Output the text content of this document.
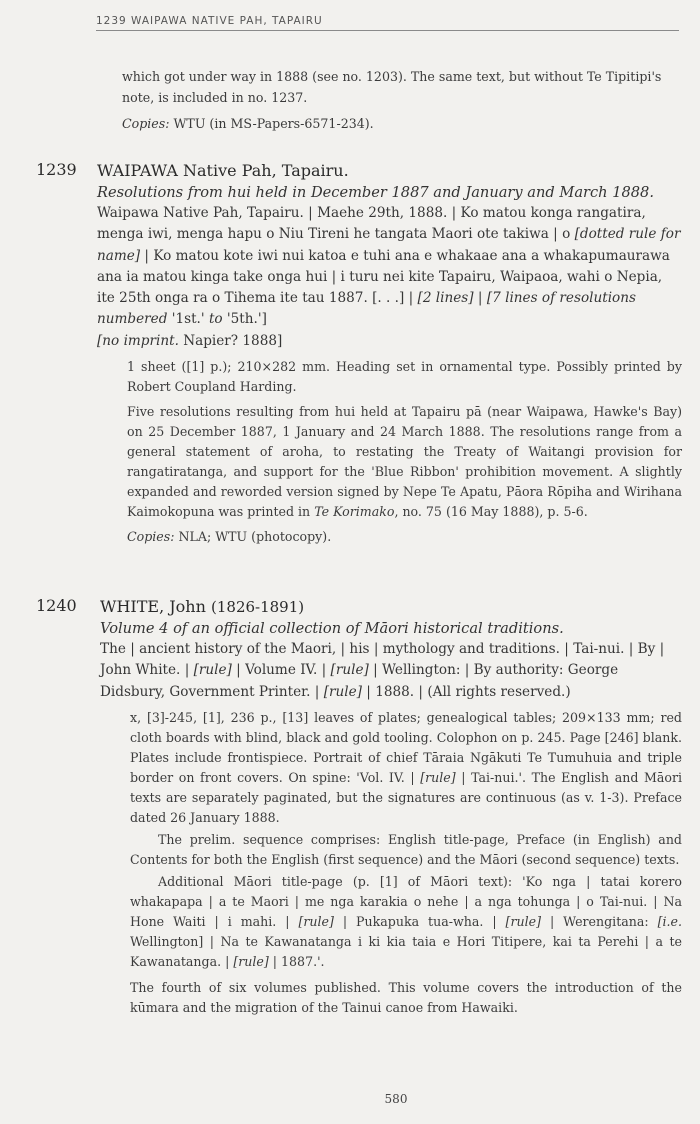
1239 WAIPAWA NATIVE PAH, TAPAIRU

which got under way in 1888 (see no. 1203). The same text, but without Te Tipitipi's note, is included in no. 1237.

Copies: WTU (in MS-Papers-6571-234).

1239 WAIPAWA Native Pah, Tapairu.
Resolutions from hui held in December 1887 and January and March 1888.
Waipawa Native Pah, Tapairu. | Maehe 29th, 1888. | Ko matou konga rangatira, menga iwi, menga hapu o Niu Tireni he tangata Maori ote takiwa | o [dotted rule for name] | Ko matou kote iwi nui katoa e tuhi ana e whakaae ana a whakapumaurawa ana ia matou kinga take onga hui | i turu nei kite Tapairu, Waipaoa, wahi o Nepia, ite 25th onga ra o Tihema ite tau 1887. [. . .] | [2 lines] | [7 lines of resolutions numbered '1st.' to '5th.']
[no imprint. Napier? 1888]

1 sheet ([1] p.); 210×282 mm. Heading set in ornamental type. Possibly printed by Robert Coupland Harding.

Five resolutions resulting from hui held at Tapairu pā (near Waipawa, Hawke's Bay) on 25 December 1887, 1 January and 24 March 1888. The resolutions range from a general statement of aroha, to restating the Treaty of Waitangi provision for rangatiratanga, and support for the 'Blue Ribbon' prohibition movement. A slightly expanded and reworded version signed by Nepe Te Apatu, Pāora Rōpiha and Wirihana Kaimokopuna was printed in Te Korimako, no. 75 (16 May 1888), p. 5-6.

Copies: NLA; WTU (photocopy).

1240 WHITE, John (1826-1891)
Volume 4 of an official collection of Māori historical traditions.
The | ancient history of the Maori, | his | mythology and traditions. | Tai-nui. | By | John White. | [rule] | Volume IV. | [rule] | Wellington: | By authority: George Didsbury, Government Printer. | [rule] | 1888. | (All rights reserved.)

x, [3]-245, [1], 236 p., [13] leaves of plates; genealogical tables; 209×133 mm; red cloth boards with blind, black and gold tooling. Colophon on p. 245. Page [246] blank. Plates include frontispiece. Portrait of chief Tāraia Ngākuti Te Tumuhuia and triple border on front covers. On spine: 'Vol. IV. | [rule] | Tai-nui.'. The English and Māori texts are separately paginated, but the signatures are continuous (as v. 1-3). Preface dated 26 January 1888.

The prelim. sequence comprises: English title-page, Preface (in English) and Contents for both the English (first sequence) and the Māori (second sequence) texts.

Additional Māori title-page (p. [1] of Māori text): 'Ko nga | tatai korero whakapapa | a te Maori | me nga karakia o nehe | a nga tohunga | o Tai-nui. | Na Hone Waiti | i mahi. | [rule] | Pukapuka tua-wha. | [rule] | Werengitana: [i.e. Wellington] | Na te Kawanatanga i ki kia taia e Hori Titipere, kai ta Perehi | a te Kawanatanga. | [rule] | 1887.'.

The fourth of six volumes published. This volume covers the introduction of the kūmara and the migration of the Tainui canoe from Hawaiki.

580
